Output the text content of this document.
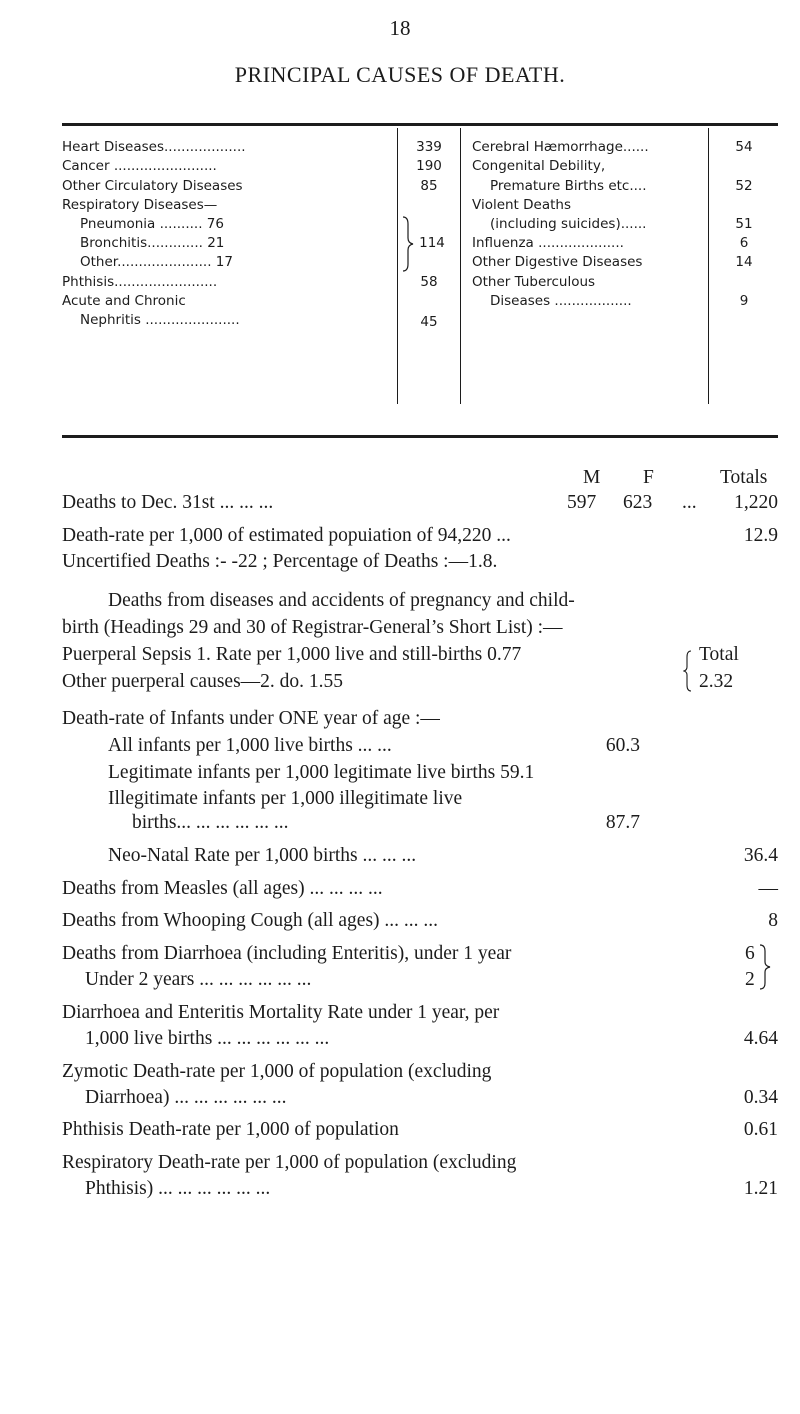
18
PRINCIPAL CAUSES OF DEATH.
Heart Diseases...................	339
Cancer ........................	190
Other Circulatory Diseases	85
Respiratory Diseases—
Pneumonia .......... 76
Bronchitis............. 21
Other...................... 17
114
Phthisis........................	58
Acute and Chronic
Nephritis ......................	45
Cerebral Hæmorrhage......	54
Congenital Debility,
Premature Births etc....	52
Violent Deaths
(including suicides)......	51
Influenza ....................	6
Other Digestive Diseases	14
Other Tuberculous
Diseases ..................	9
M F	Totals
Deaths to Dec. 31st ... ... ...	597 623 ...	1,220
Death-rate per 1,000 of estimated popuiation of 94,220 ...	12.9
Uncertified Deaths :- -22 ; Percentage of Deaths :—1.8.
Deaths from diseases and accidents of pregnancy and child-
birth (Headings 29 and 30 of Registrar-General’s Short List) :—
Puerperal Sepsis 1. Rate per 1,000 live and still-births 0.77
Other puerperal causes—2. do. 1.55
Total
2.32
Death-rate of Infants under ONE year of age :—
All infants per 1,000 live births ... ...	60.3
Legitimate infants per 1,000 legitimate live births 59.1
Illegitimate infants per 1,000 illegitimate live
births... ... ... ... ... ...	87.7
Neo-Natal Rate per 1,000 births ... ... ...	36.4
Deaths from Measles (all ages) ... ... ... ...	—
Deaths from Whooping Cough (all ages) ... ... ...	8
Deaths from Diarrhoea (including Enteritis), under 1 year	6
Under 2 years ... ... ... ... ... ...	2
Diarrhoea and Enteritis Mortality Rate under 1 year, per
1,000 live births ... ... ... ... ... ...	4.64
Zymotic Death-rate per 1,000 of population (excluding
Diarrhoea) ... ... ... ... ... ...	0.34
Phthisis Death-rate per 1,000 of population	0.61
Respiratory Death-rate per 1,000 of population (excluding
Phthisis) ... ... ... ... ... ...	1.21
